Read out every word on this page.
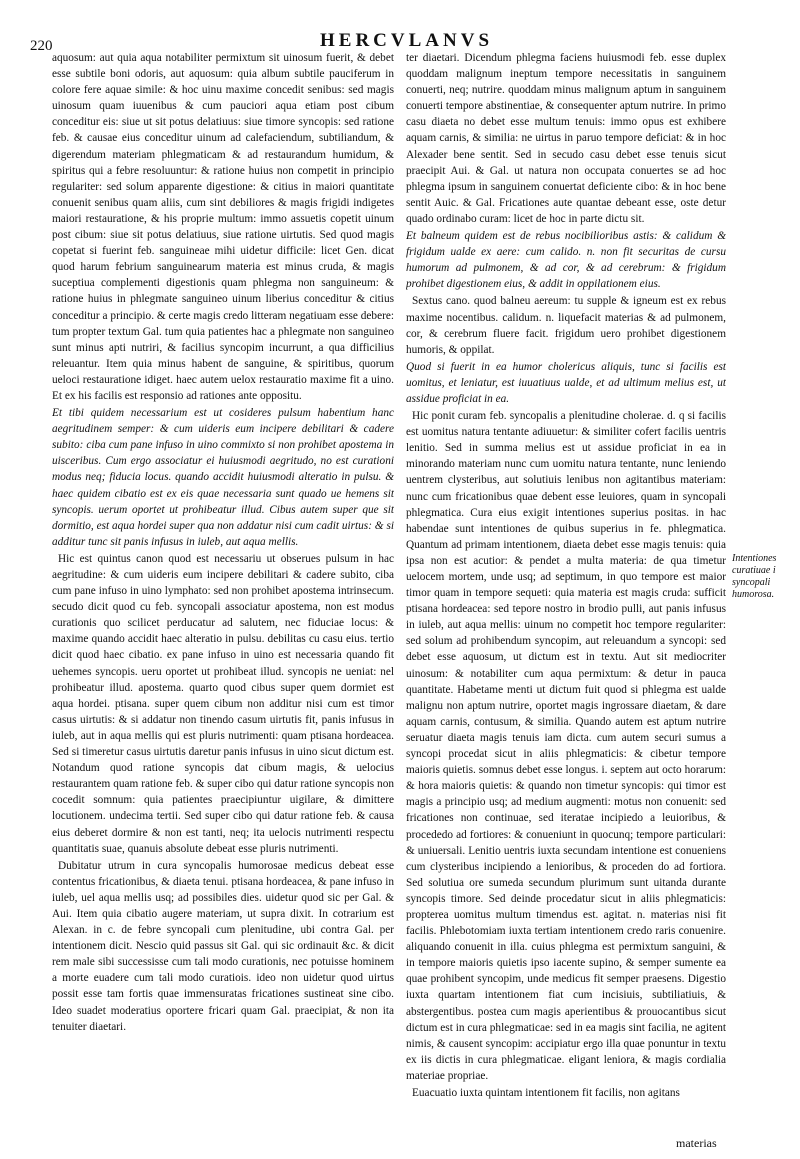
220	HERCVLANVS

aquosum: aut quia aqua notabiliter permixtum sit uinosum fuerit, & debet esse subtile boni odoris, aut aquosum: quia album subtile pauciferum in colore fere aquae simile: & hoc uinu maxime concedit senibus: sed magis uinosum quam iuuenibus & cum pauciori aqua etiam post cibum conceditur eis: siue ut sit potus delatiuus: siue timore syncopis: sed ratione feb. & causae eius conceditur uinum ad calefaciendum, subtiliandum, & digerendum materiam phlegmaticam & ad restaurandum humidum, & spiritus qui a febre resoluuntur: & ratione huius non competit in principio regulariter: sed solum apparente digestione: & citius in maiori quantitate conuenit senibus quam aliis, cum sint debiliores & magis frigidi indigetes maiori restauratione, & his proprie multum: immo assuetis copetit uinum post cibum: siue sit potus delatiuus, siue ratione uirtutis. Sed quod magis copetat si fuerint feb. sanguineae mihi uidetur difficile: licet Gen. dicat quod harum febrium sanguinearum materia est minus cruda, & magis suceptiua complementi digestionis quam phlegma non sanguineum: & ratione huius in phlegmate sanguineo uinum liberius conceditur & citius conceditur a principio. & certe magis credo litteram negatiuam esse debere: tum propter textum Gal. tum quia patientes hac a phlegmate non sanguineo sunt minus apti nutriri, & facilius syncopim incurrunt, a qua difficilius releuantur. Item quia minus habent de sanguine, & spiritibus, quorum ueloci restauratione idiget. haec autem uelox restauratio maxime fit a uino. Et ex his facilis est responsio ad rationes ante oppositu.

Et tibi quidem necessarium est ut cosideres pulsum habentium hanc aegritudinem semper: & cum uideris eum incipere debilitari & cadere subito: ciba cum pane infuso in uino commixto si non prohibet apostema in uisceribus. Cum ergo associatur ei huiusmodi aegritudo, no est curationi modus neq; fiducia locus. quando accidit huiusmodi alteratio in pulsu. & haec quidem cibatio est ex eis quae necessaria sunt quado ue hemens sit syncopis. uerum oportet ut prohibeatur illud. Cibus autem super que sit dormitio, est aqua hordei super qua non addatur nisi cum cadit uirtus: & si additur tunc sit panis infusus in iuleb, aut aqua mellis.

Hic est quintus canon quod est necessariu ut obserues pulsum in hac aegritudine: & cum uideris eum incipere debilitari & cadere subito, ciba cum pane infuso in uino lymphato: sed non prohibet apostema intrinsecum. secudo dicit quod cu feb. syncopali associatur apostema, non est modus curationis quo scilicet perducatur ad salutem, nec fiduciae locus: & maxime quando accidit haec alteratio in pulsu. debilitas cu casu eius. tertio dicit quod haec cibatio. ex pane infuso in uino est necessaria quando fit uehemes syncopis. ueru oportet ut prohibeat illud. syncopis ne ueniat: nel prohibeatur illud. apostema. quarto quod cibus super quem dormiet est aqua hordei. ptisana. super quem cibum non additur nisi cum est timor casus uirtutis: & si addatur non tinendo casum uirtutis fit, panis infusus in iuleb, aut in aqua mellis qui est pluris nutrimenti: quam ptisana hordeacea. Sed si timeretur casus uirtutis daretur panis infusus in uino sicut dictum est. Notandum quod ratione syncopis dat cibum magis, & uelocius restaurantem quam ratione feb. & super cibo qui datur ratione syncopis non cocedit somnum: quia patientes praecipiuntur uigilare, & dimittere locutionem. undecima tertii. Sed super cibo qui datur ratione feb. & causa eius deberet dormire & non est tanti, neq; ita uelocis nutrimenti respectu quantitatis suae, quanuis absolute debeat esse pluris nutrimenti.

Dubitatur utrum in cura syncopalis humorosae medicus debeat esse contentus fricationibus, & diaeta tenui. ptisana hordeacea, & pane infuso in iuleb, uel aqua mellis usq; ad possibiles dies. uidetur quod sic per Gal. & Aui. Item quia cibatio augere materiam, ut supra dixit. In cotrarium est Alexan. in c. de febre syncopali cum plenitudine, ubi contra Gal. per intentionem dicit. Nescio quid passus sit Gal. qui sic ordinauit &c. & dicit rem male sibi successisse cum tali modo curationis, nec potuisse hominem a morte euadere cum tali modo curatiois. ideo non uidetur quod uirtus possit esse tam fortis quae immensuratas fricationes sustineat sine cibo. Ideo suadet moderatius oportere fricari quam Gal. praecipiat, & non ita tenuiter diaetari.

ter diaetari. Dicendum phlegma faciens huiusmodi feb. esse duplex quoddam malignum ineptum tempore necessitatis in sanguinem conuerti, neq; nutrire. quoddam minus malignum aptum in sanguinem conuerti tempore abstinentiae, & consequenter aptum nutrire. In primo casu diaeta no debet esse multum tenuis: immo opus est exhibere aquam carnis, & similia: ne uirtus in paruo tempore deficiat: & in hoc Alexader bene sentit. Sed in secudo casu debet esse tenuis sicut praecipit Aui. & Gal. ut natura non occupata conuertes se ad hoc phlegma ipsum in sanguinem conuertat deficiente cibo: & in hoc bene sentit Auic. & Gal. Fricationes aute quantae debeant esse, oste detur quado ordinabo curam: licet de hoc in parte dictu sit.

Et balneum quidem est de rebus nocibilioribus astis: & calidum & frigidum ualde ex aere: cum calido. n. non fit securitas de cursu humorum ad pulmonem, & ad cor, & ad cerebrum: & frigidum prohibet digestionem eius, & addit in oppilationem eius.

Sextus cano. quod balneu aereum: tu supple & igneum est ex rebus maxime nocentibus. calidum. n. liquefacit materias & ad pulmonem, cor, & cerebrum fluere facit. frigidum uero prohibet digestionem humoris, & oppilat.

Quod si fuerit in ea humor cholericus aliquis, tunc si facilis est uomitus, et leniatur, est iuuatiuus ualde, et ad ultimum melius est, ut assidue proficiat in ea.

Hic ponit curam feb. syncopalis a plenitudine cholerae. d. q si facilis est uomitus natura tentante adiuuetur: & similiter cofert facilis uentris lenitio. Sed in summa melius est ut assidue proficiat in ea in minorando materiam nunc cum uomitu natura tentante, nunc leniendo uentrem clysteribus, aut solutiuis lenibus non agitantibus materiam: nunc cum fricationibus quae debent esse leuiores, quam in syncopali phlegmatica. Cura eius exigit intentiones superius positas. in hac habendae sunt intentiones de quibus superius in fe. phlegmatica. Quantum ad primam intentionem, diaeta debet esse magis tenuis: quia ipsa non est acutior: & pendet a multa materia: de qua timetur uelocem mortem, unde usq; ad septimum, in quo tempore est maior timor quam in tempore sequeti: quia materia est magis cruda: sufficit ptisana hordeacea: sed tepore nostro in brodio pulli, aut panis infusus in iuleb, aut aqua mellis: uinum no competit hoc tempore regulariter: sed solum ad prohibendum syncopim, aut releuandum a syncopi: sed debet esse aquosum, ut dictum est in textu. Aut sit mediocriter uinosum: & notabiliter cum aqua permixtum: & detur in pauca quantitate. Habetame menti ut dictum fuit quod si phlegma est ualde malignu non aptum nutrire, oportet magis ingrossare diaetam, & dare aquam carnis, contusum, & similia. Quando autem est aptum nutrire seruatur diaeta magis tenuis iam dicta. cum autem securi sumus a syncopi procedat sicut in aliis phlegmaticis: & cibetur tempore maioris quietis. somnus debet esse longus. i. septem aut octo horarum: & hora maioris quietis: & quando non timetur syncopis: qui timor est magis a principio usq; ad medium augmenti: motus non conuenit: sed fricationes non continuae, sed iteratae incipiedo a leuioribus, & procededo ad fortiores: & conueniunt in quocunq; tempore particulari: & uniuersali. Lenitio uentris iuxta secundam intentione est conueniens cum clysteribus incipiendo a lenioribus, & proceden do ad fortiora. Sed solutiua ore sumeda secundum plurimum sunt uitanda durante syncopis timore. Sed deinde procedatur sicut in aliis phlegmaticis: propterea uomitus multum timendus est. agitat. n. materias nisi fit facilis. Phlebotomiam iuxta tertiam intentionem credo raris conuenire. aliquando conuenit in illa. cuius phlegma est permixtum sanguini, & in tempore maioris quietis ipso iacente supino, & semper sumente ea quae prohibent syncopim, unde medicus fit semper praesens. Digestio iuxta quartam intentionem fiat cum incisiuis, subtiliatiuis, & abstergentibus. postea cum magis aperientibus & prouocantibus sicut dictum est in cura phlegmaticae: sed in ea magis sint facilia, ne agitent nimis, & causent syncopim: accipiatur ergo illa quae ponuntur in textu ex iis dictis in cura phlegmaticae. eligant leniora, & magis cordialia materiae propriae.

Euacuatio iuxta quintam intentionem fit facilis, non agitans

Intentiones curatiuae i syncopali humorosa.
materias
